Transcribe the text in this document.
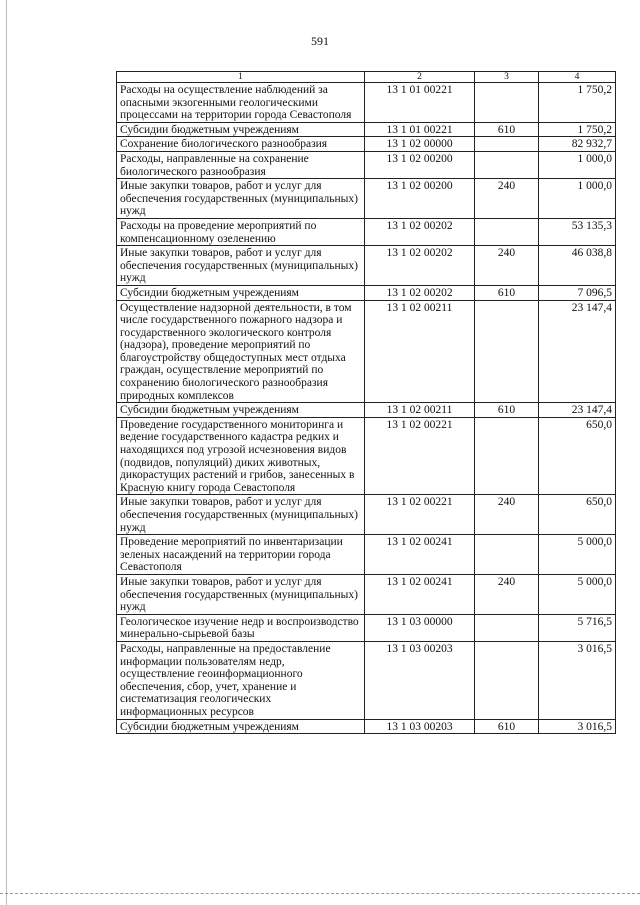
591
1	2	3	4
Расходы на осуществление наблюдений за опасными экзогенными геологическими процессами на территории города Севастополя	13 1 01 00221		1 750,2
Субсидии бюджетным учреждениям	13 1 01 00221	610	1 750,2
Сохранение биологического разнообразия	13 1 02 00000		82 932,7
Расходы, направленные на сохранение биологического разнообразия	13 1 02 00200		1 000,0
Иные закупки товаров, работ и услуг для обеспечения государственных (муниципальных) нужд	13 1 02 00200	240	1 000,0
Расходы на проведение мероприятий по компенсационному озеленению	13 1 02 00202		53 135,3
Иные закупки товаров, работ и услуг для обеспечения государственных (муниципальных) нужд	13 1 02 00202	240	46 038,8
Субсидии бюджетным учреждениям	13 1 02 00202	610	7 096,5
Осуществление надзорной деятельности, в том числе государственного пожарного надзора и государственного экологического контроля (надзора), проведение мероприятий по благоустройству общедоступных мест отдыха граждан, осуществление мероприятий по сохранению биологического разнообразия природных комплексов	13 1 02 00211		23 147,4
Субсидии бюджетным учреждениям	13 1 02 00211	610	23 147,4
Проведение государственного мониторинга и ведение государственного кадастра редких и находящихся под угрозой исчезновения видов (подвидов, популяций) диких животных, дикорастущих растений и грибов, занесенных в Красную книгу города Севастополя	13 1 02 00221		650,0
Иные закупки товаров, работ и услуг для обеспечения государственных (муниципальных) нужд	13 1 02 00221	240	650,0
Проведение мероприятий по инвентаризации зеленых насаждений на территории города Севастополя	13 1 02 00241		5 000,0
Иные закупки товаров, работ и услуг для обеспечения государственных (муниципальных) нужд	13 1 02 00241	240	5 000,0
Геологическое изучение недр и воспроизводство минерально-сырьевой базы	13 1 03 00000		5 716,5
Расходы, направленные на предоставление информации пользователям недр, осуществление геоинформационного обеспечения, сбор, учет, хранение и систематизация геологических информационных ресурсов	13 1 03 00203		3 016,5
Субсидии бюджетным учреждениям	13 1 03 00203	610	3 016,5
